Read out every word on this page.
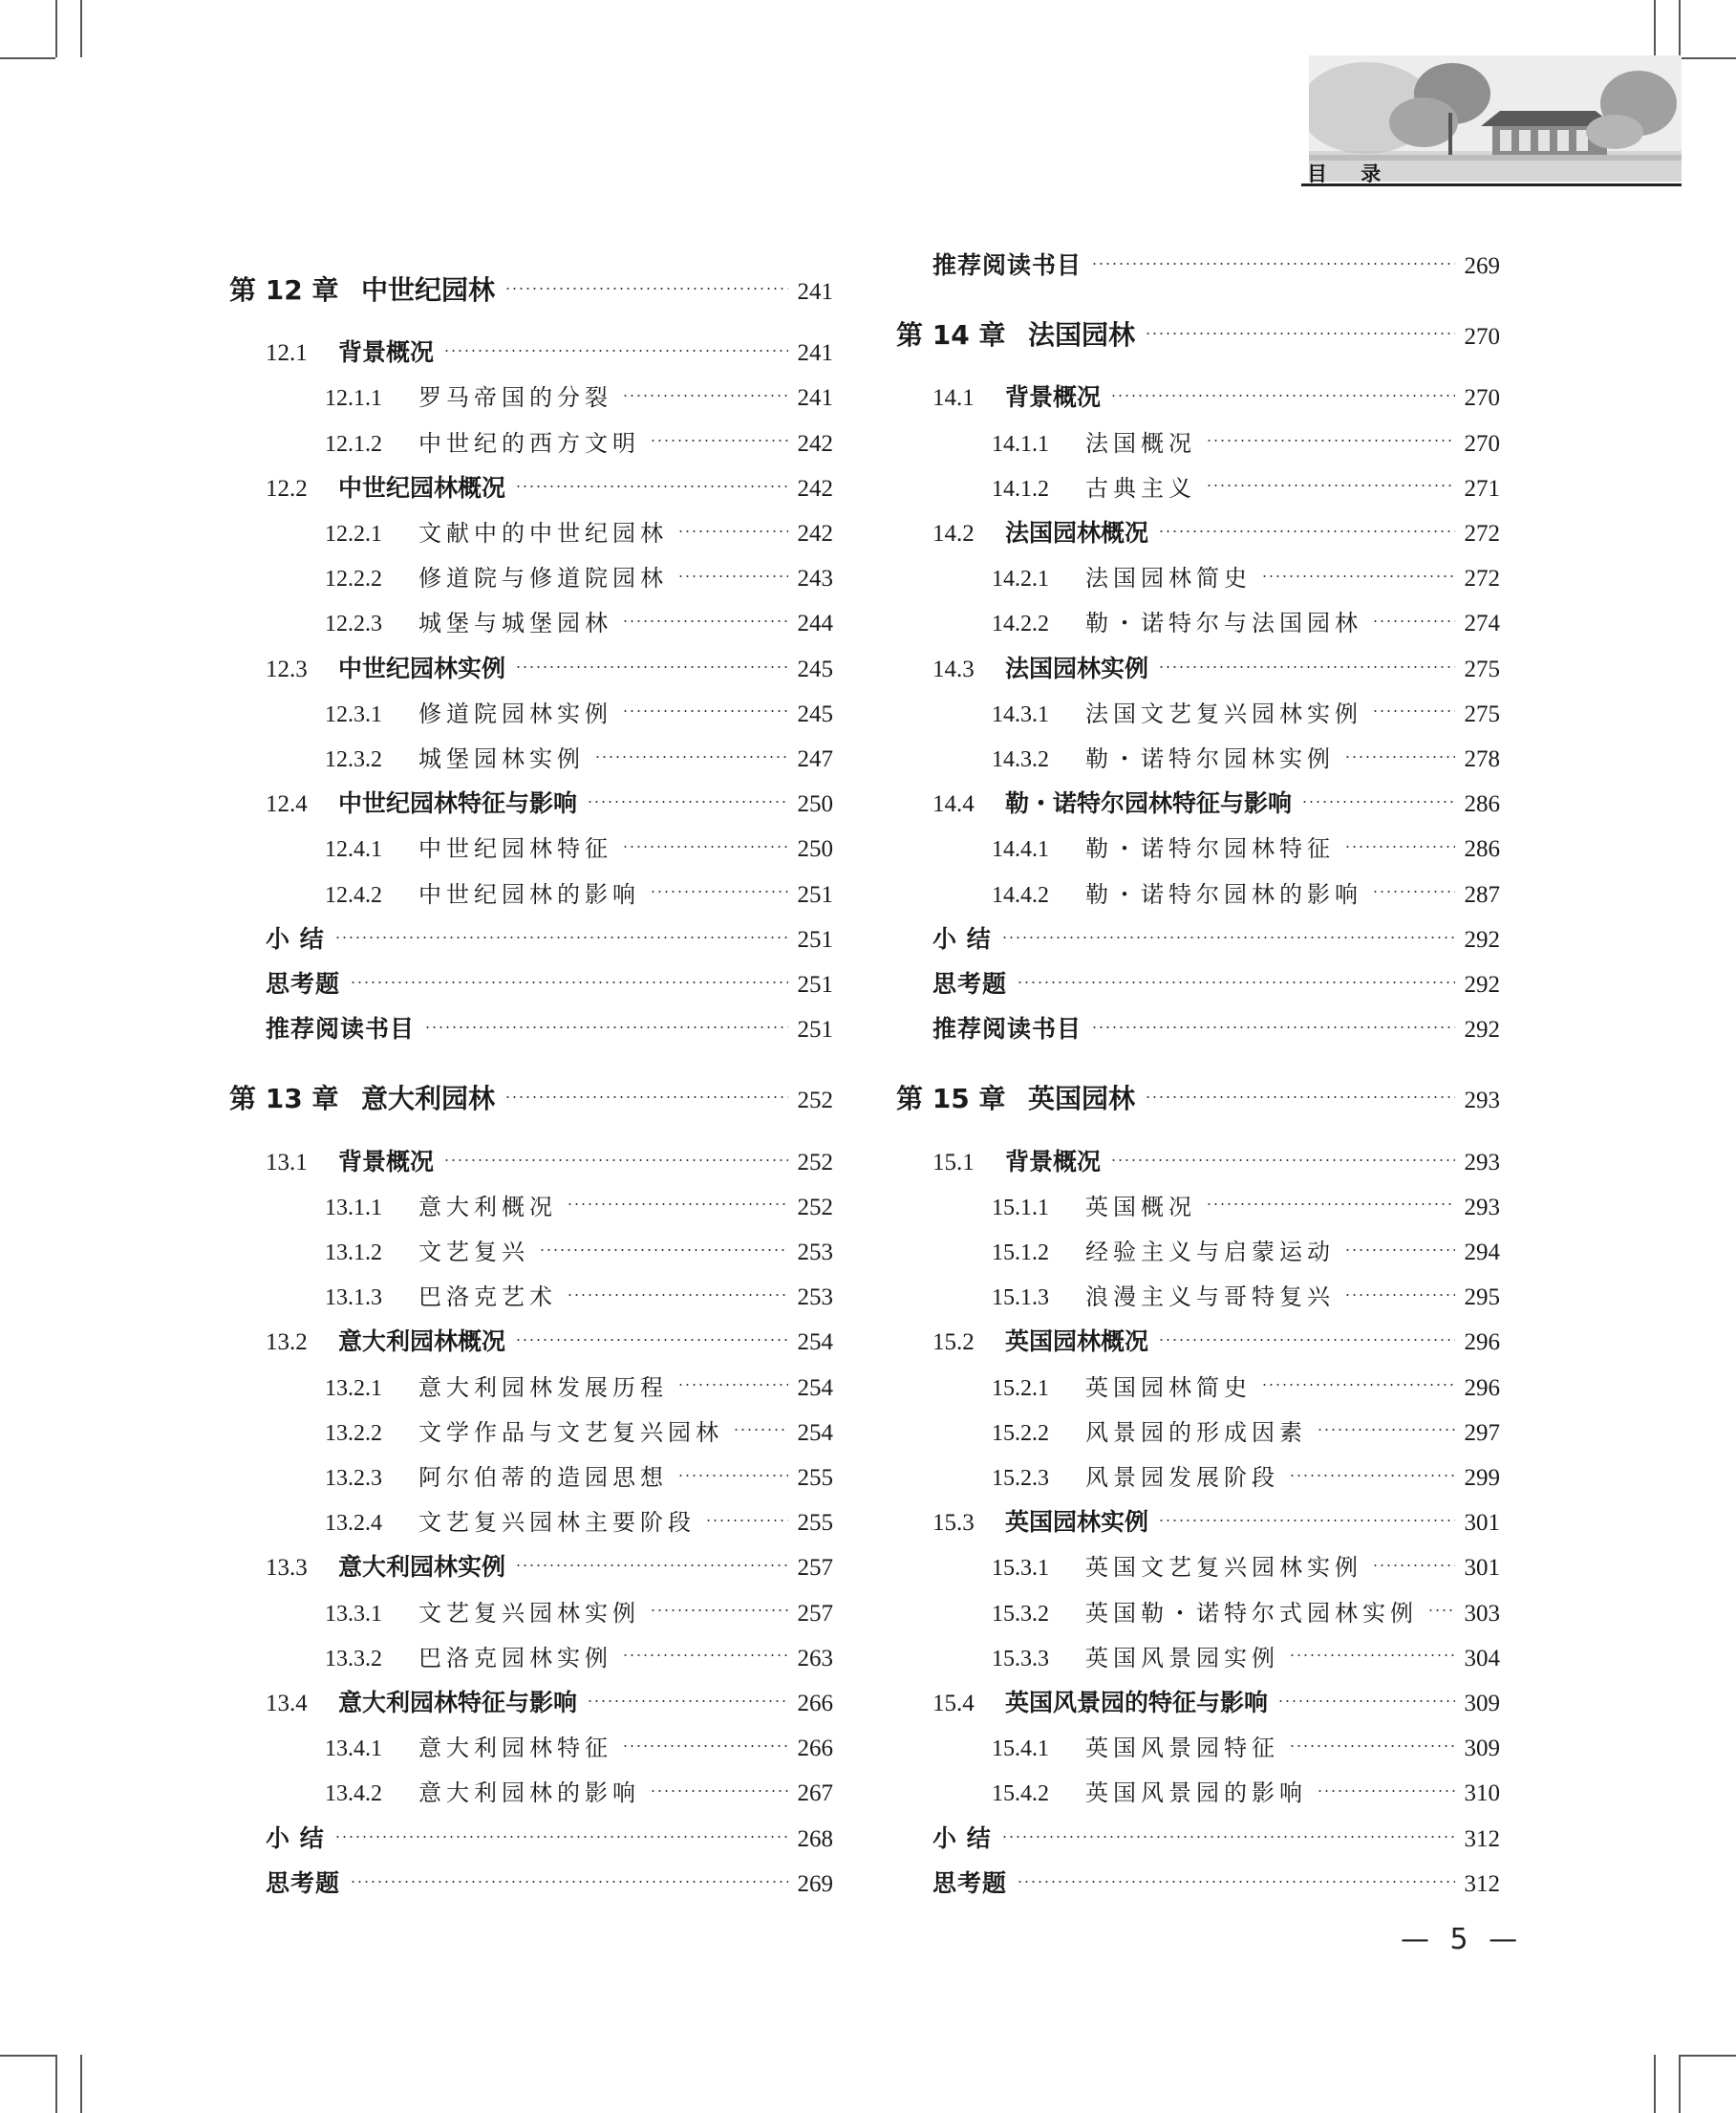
目 录
第 12 章 中世纪园林	241
12.1	背景概况	241
12.1.1	罗马帝国的分裂	241
12.1.2	中世纪的西方文明	242
12.2	中世纪园林概况	242
12.2.1	文献中的中世纪园林	242
12.2.2	修道院与修道院园林	243
12.2.3	城堡与城堡园林	244
12.3	中世纪园林实例	245
12.3.1	修道院园林实例	245
12.3.2	城堡园林实例	247
12.4	中世纪园林特征与影响	250
12.4.1	中世纪园林特征	250
12.4.2	中世纪园林的影响	251
小 结	251
思考题	251
推荐阅读书目	251
第 13 章 意大利园林	252
13.1	背景概况	252
13.1.1	意大利概况	252
13.1.2	文艺复兴	253
13.1.3	巴洛克艺术	253
13.2	意大利园林概况	254
13.2.1	意大利园林发展历程	254
13.2.2	文学作品与文艺复兴园林	254
13.2.3	阿尔伯蒂的造园思想	255
13.2.4	文艺复兴园林主要阶段	255
13.3	意大利园林实例	257
13.3.1	文艺复兴园林实例	257
13.3.2	巴洛克园林实例	263
13.4	意大利园林特征与影响	266
13.4.1	意大利园林特征	266
13.4.2	意大利园林的影响	267
小 结	268
思考题	269
推荐阅读书目	269
第 14 章 法国园林	270
14.1	背景概况	270
14.1.1	法国概况	270
14.1.2	古典主义	271
14.2	法国园林概况	272
14.2.1	法国园林简史	272
14.2.2	勒・诺特尔与法国园林	274
14.3	法国园林实例	275
14.3.1	法国文艺复兴园林实例	275
14.3.2	勒・诺特尔园林实例	278
14.4	勒・诺特尔园林特征与影响	286
14.4.1	勒・诺特尔园林特征	286
14.4.2	勒・诺特尔园林的影响	287
小 结	292
思考题	292
推荐阅读书目	292
第 15 章 英国园林	293
15.1	背景概况	293
15.1.1	英国概况	293
15.1.2	经验主义与启蒙运动	294
15.1.3	浪漫主义与哥特复兴	295
15.2	英国园林概况	296
15.2.1	英国园林简史	296
15.2.2	风景园的形成因素	297
15.2.3	风景园发展阶段	299
15.3	英国园林实例	301
15.3.1	英国文艺复兴园林实例	301
15.3.2	英国勒・诺特尔式园林实例 303
15.3.3	英国风景园实例	304
15.4	英国风景园的特征与影响	309
15.4.1	英国风景园特征	309
15.4.2	英国风景园的影响	310
小 结	312
思考题	312
— 5 —
